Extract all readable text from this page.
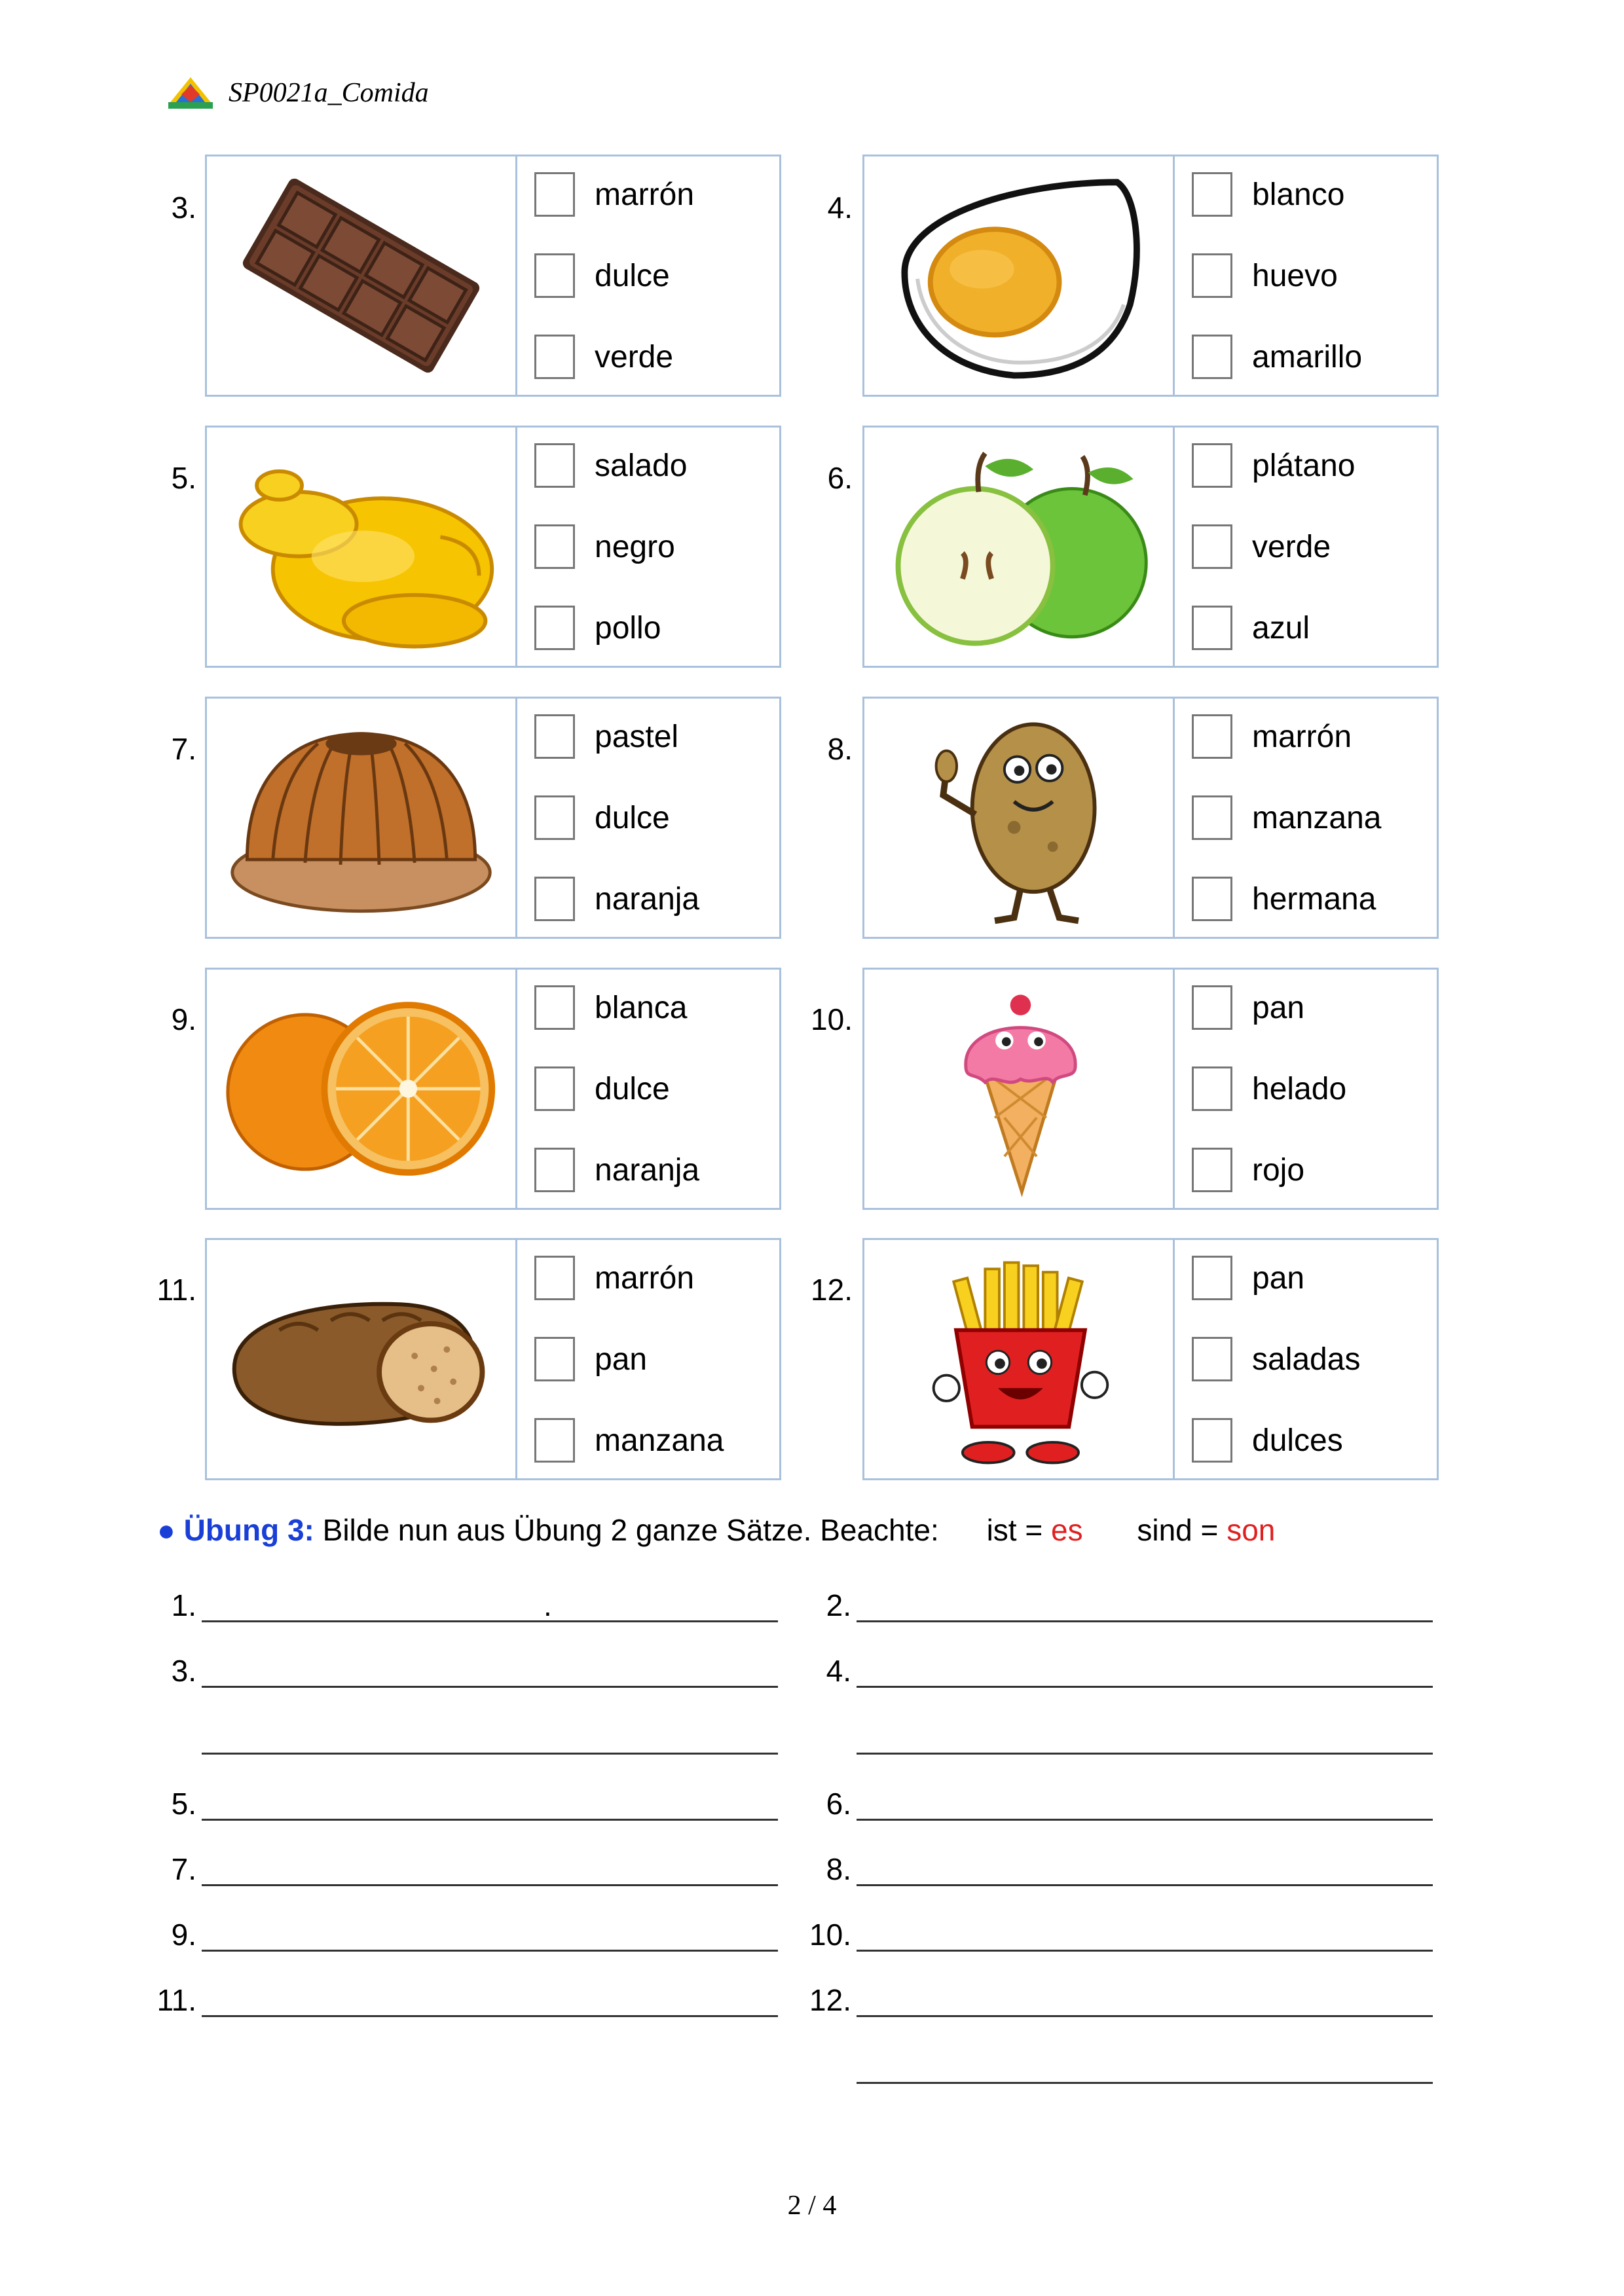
SP0021a_Comida
3.	marrón
dulce
verde
4.	blanco
huevo
amarillo
5.	salado
negro
pollo
6.	plátano
verde
azul
7.	pastel
dulce
naranja
8.	marrón
manzana
hermana
9.	blanca
dulce
naranja
10.	pan
helado
rojo
11.	marrón
pan
manzana
12.	pan
saladas
dulces
● Übung 3: Bilde nun aus Übung 2 ganze Sätze. Beachte: ist = es sind = son
1.	.	2.
3.	4.
5.	6.
7.	8.
9.	10.
11.	12.
2 / 4
